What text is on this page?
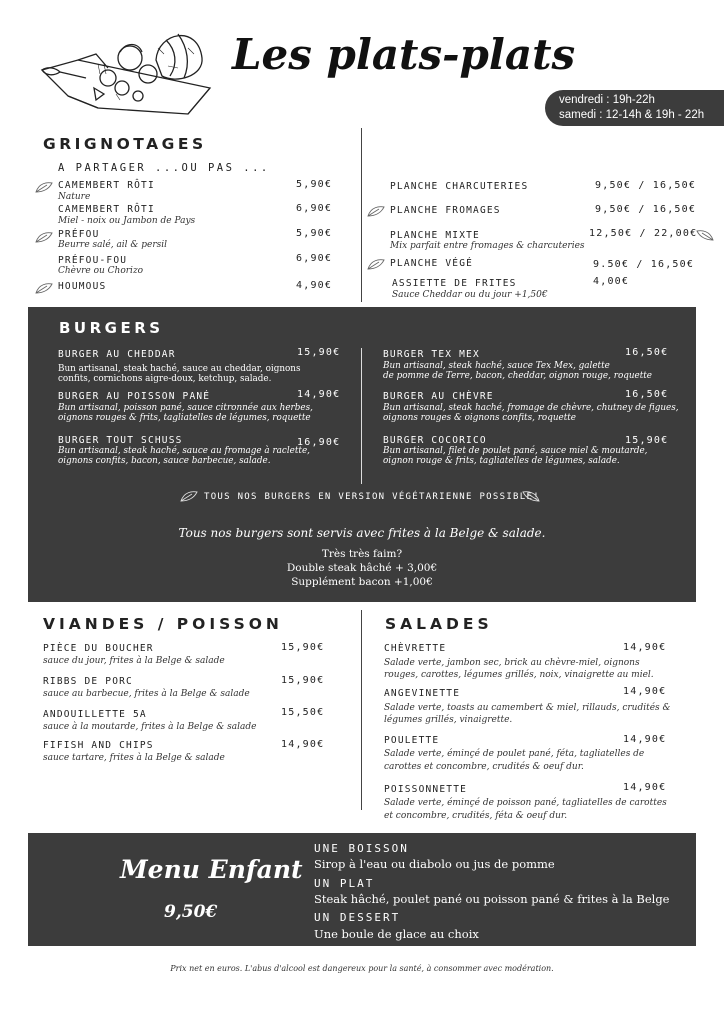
Les plats-plats
vendredi : 19h-22h
samedi : 12-14h & 19h - 22h
GRIGNOTAGES
A PARTAGER ...OU PAS ...
CAMEMBERT RÔTI
Nature
5,90€
CAMEMBERT RÔTI
Miel - noix ou Jambon de Pays
6,90€
PRÉFOU
Beurre salé, ail & persil
5,90€
PRÉFOU-FOU
Chèvre ou Chorizo
6,90€
HOUMOUS	4,90€
PLANCHE CHARCUTERIES	9,50€ / 16,50€
PLANCHE FROMAGES	9,50€ / 16,50€
PLANCHE MIXTE
Mix parfait entre fromages & charcuteries
12,50€ / 22,00€
PLANCHE VÉGÉ	9.50€ / 16,50€
ASSIETTE DE FRITES
Sauce Cheddar ou du jour +1,50€
4,00€
BURGERS
BURGER AU CHEDDAR
Bun artisanal, steak haché, sauce au cheddar, oignons
confits, cornichons aigre-doux, ketchup, salade.
15,90€
BURGER AU POISSON PANÉ
Bun artisanal, poisson pané, sauce citronnée aux herbes,
oignons rouges & frits, tagliatelles de légumes, roquette
14,90€
BURGER TOUT SCHUSS
Bun artisanal, steak haché, sauce au fromage à raclette,
oignons confits, bacon, sauce barbecue, salade.
16,90€
BURGER TEX MEX
Bun artisanal, steak haché, sauce Tex Mex, galette
de pomme de Terre, bacon, cheddar, oignon rouge, roquette
16,50€
BURGER AU CHÈVRE
Bun artisanal, steak haché, fromage de chèvre, chutney de figues,
oignons rouges & oignons confits, roquette
16,50€
BURGER COCORICO
Bun artisanal, filet de poulet pané, sauce miel & moutarde,
oignon rouge & frits, tagliatelles de légumes, salade.
15,90€
TOUS NOS BURGERS EN VERSION VÉGÉTARIENNE POSSIBLE!
Tous nos burgers sont servis avec frites à la Belge & salade.
Très très faim?
Double steak hâché + 3,00€
Supplément bacon +1,00€
VIANDES / POISSON
PIÈCE DU BOUCHER
sauce du jour, frites à la Belge & salade
15,90€
RIBBS DE PORC
sauce au barbecue, frites à la Belge & salade
15,90€
ANDOUILLETTE 5A
sauce à la moutarde, frites à la Belge & salade
15,50€
FIFISH AND CHIPS
sauce tartare, frites à la Belge & salade
14,90€
SALADES
CHÈVRETTE	14,90€
Salade verte, jambon sec, brick au chèvre-miel, oignons
rouges, carottes, légumes grillés, noix, vinaigrette au miel.
ANGEVINETTE	14,90€
Salade verte, toasts au camembert & miel, rillauds, crudités &
légumes grillés, vinaigrette.
POULETTE	14,90€
Salade verte, éminçé de poulet pané, féta, tagliatelles de
carottes et concombre, crudités & oeuf dur.
POISSONNETTE	14,90€
Salade verte, éminçé de poisson pané, tagliatelles de carottes
et concombre, crudités, féta & oeuf dur.
Menu Enfant
9,50€
UNE BOISSON
Sirop à l'eau ou diabolo ou jus de pomme
UN PLAT
Steak hâché, poulet pané ou poisson pané & frites à la Belge
UN DESSERT
Une boule de glace au choix
Prix net en euros. L'abus d'alcool est dangereux pour la santé, à consommer avec modération.
